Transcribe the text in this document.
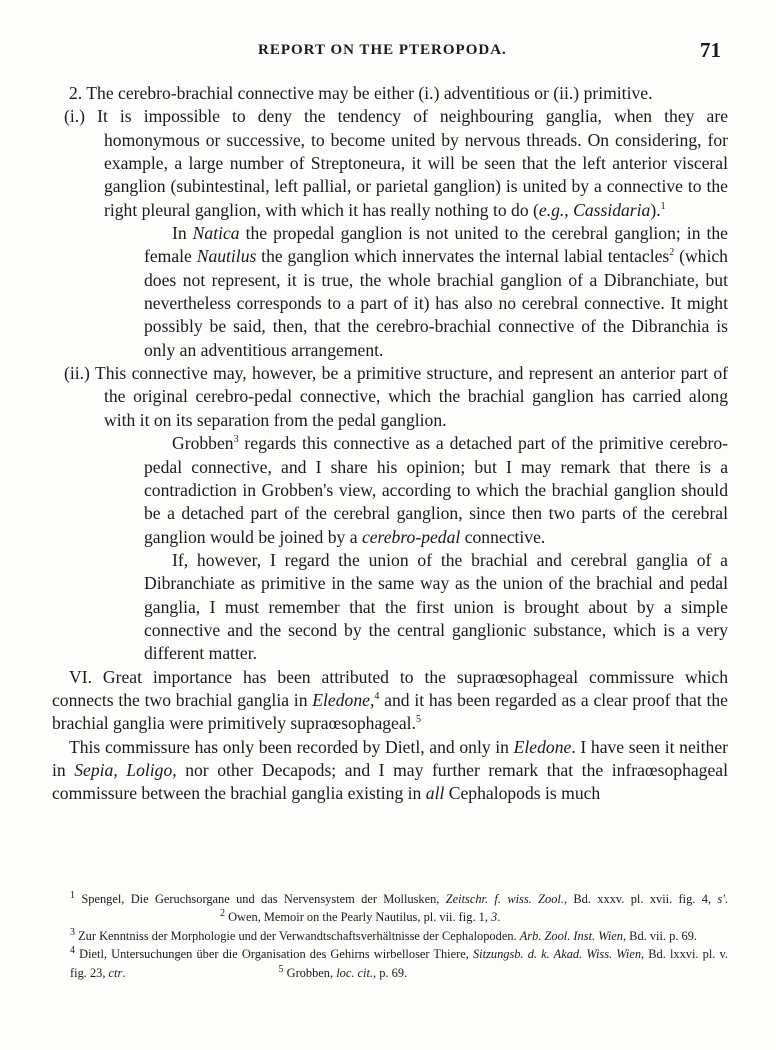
REPORT ON THE PTEROPODA.	71

2. The cerebro-brachial connective may be either (i.) adventitious or (ii.) primitive.

(i.) It is impossible to deny the tendency of neighbouring ganglia, when they are homonymous or successive, to become united by nervous threads. On considering, for example, a large number of Streptoneura, it will be seen that the left anterior visceral ganglion (subintestinal, left pallial, or parietal ganglion) is united by a connective to the right pleural ganglion, with which it has really nothing to do (e.g., Cassidaria).$^1$

In Natica the propedal ganglion is not united to the cerebral ganglion; in the female Nautilus the ganglion which innervates the internal labial tentacles$^2$ (which does not represent, it is true, the whole brachial ganglion of a Dibranchiate, but nevertheless corresponds to a part of it) has also no cerebral connective. It might possibly be said, then, that the cerebro-brachial connective of the Dibranchia is only an adventitious arrangement.

(ii.) This connective may, however, be a primitive structure, and represent an anterior part of the original cerebro-pedal connective, which the brachial ganglion has carried along with it on its separation from the pedal ganglion.

Grobben$^3$ regards this connective as a detached part of the primitive cerebro-pedal connective, and I share his opinion; but I may remark that there is a contradiction in Grobben's view, according to which the brachial ganglion should be a detached part of the cerebral ganglion, since then two parts of the cerebral ganglion would be joined by a cerebro-pedal connective.

If, however, I regard the union of the brachial and cerebral ganglia of a Dibranchiate as primitive in the same way as the union of the brachial and pedal ganglia, I must remember that the first union is brought about by a simple connective and the second by the central ganglionic substance, which is a very different matter.

VI. Great importance has been attributed to the supraœsophageal commissure which connects the two brachial ganglia in Eledone,$^4$ and it has been regarded as a clear proof that the brachial ganglia were primitively supraœsophageal.$^5$

This commissure has only been recorded by Dietl, and only in Eledone. I have seen it neither in Sepia, Loligo, nor other Decapods; and I may further remark that the infraœsophageal commissure between the brachial ganglia existing in all Cephalopods is much

$^1$ Spengel, Die Geruchsorgane und das Nervensystem der Mollusken, Zeitschr. f. wiss. Zool., Bd. xxxv. pl. xvii. fig. 4, s'. $^2$ Owen, Memoir on the Pearly Nautilus, pl. vii. fig. 1, 3.

$^3$ Zur Kenntniss der Morphologie und der Verwandtschaftsverhältnisse der Cephalopoden. Arb. Zool. Inst. Wien, Bd. vii. p. 69.

$^4$ Dietl, Untersuchungen über die Organisation des Gehirns wirbelloser Thiere, Sitzungsb. d. k. Akad. Wiss. Wien, Bd. lxxvi. pl. v. fig. 23, ctr.	$^5$ Grobben, loc. cit., p. 69.
